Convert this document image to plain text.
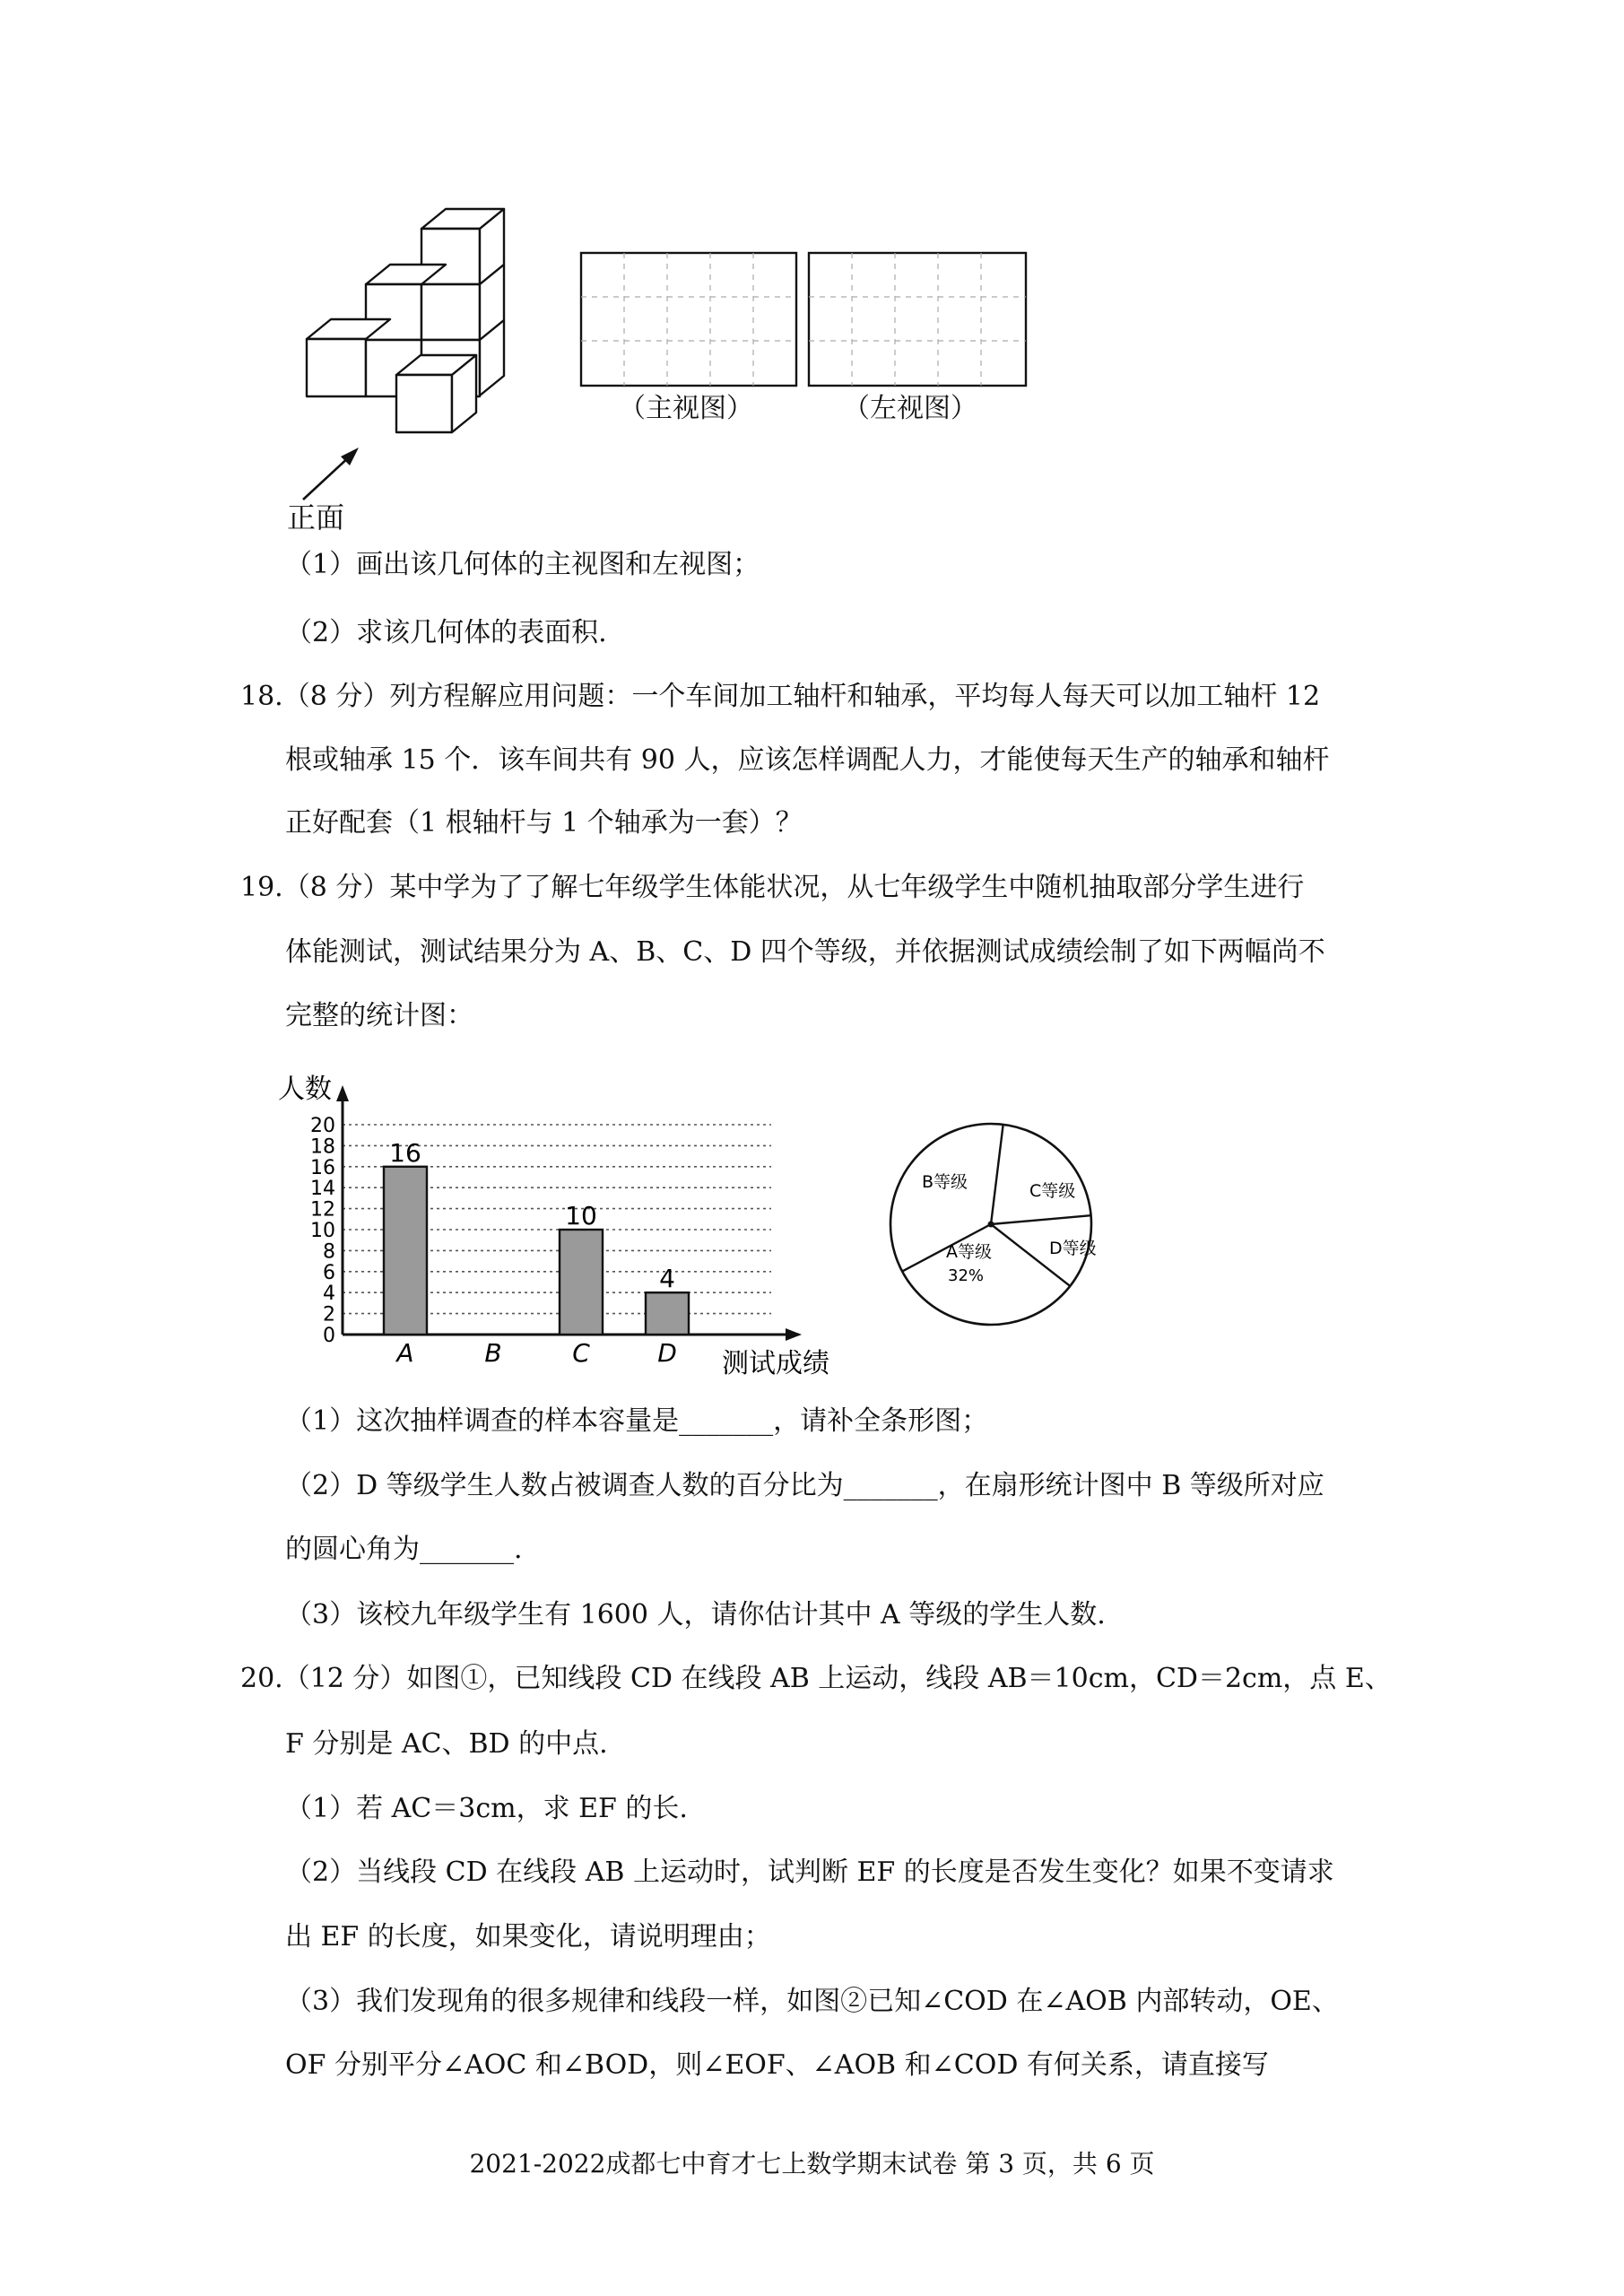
正面
（主视图）	（左视图）
（1）画出该几何体的主视图和左视图；
（2）求该几何体的表面积.
18.（8 分）列方程解应用问题：一个车间加工轴杆和轴承，平均每人每天可以加工轴杆 12
根或轴承 15 个．该车间共有 90 人，应该怎样调配人力，才能使每天生产的轴承和轴杆
正好配套（1 根轴杆与 1 个轴承为一套）？
19.（8 分）某中学为了了解七年级学生体能状况，从七年级学生中随机抽取部分学生进行
体能测试，测试结果分为 A、B、C、D 四个等级，并依据测试成绩绘制了如下两幅尚不
完整的统计图：
人数
0
2
4
6
8
10
12
14
16
18
20
测试成绩
A
16
B	C
10
D
4
A等级
32%
B等级	C等级
D等级
（1）这次抽样调查的样本容量是_______，请补全条形图；
（2）D 等级学生人数占被调查人数的百分比为_______，在扇形统计图中 B 等级所对应
的圆心角为_______.
（3）该校九年级学生有 1600 人，请你估计其中 A 等级的学生人数.
20.（12 分）如图①，已知线段 CD 在线段 AB 上运动，线段 AB＝10cm，CD＝2cm，点 E、
F 分别是 AC、BD 的中点.
（1）若 AC＝3cm，求 EF 的长.
（2）当线段 CD 在线段 AB 上运动时，试判断 EF 的长度是否发生变化？如果不变请求
出 EF 的长度，如果变化，请说明理由；
（3）我们发现角的很多规律和线段一样，如图②已知∠COD 在∠AOB 内部转动，OE、
OF 分别平分∠AOC 和∠BOD，则∠EOF、∠AOB 和∠COD 有何关系，请直接写
2021-2022成都七中育才七上数学期末试卷 第 3 页，共 6 页
